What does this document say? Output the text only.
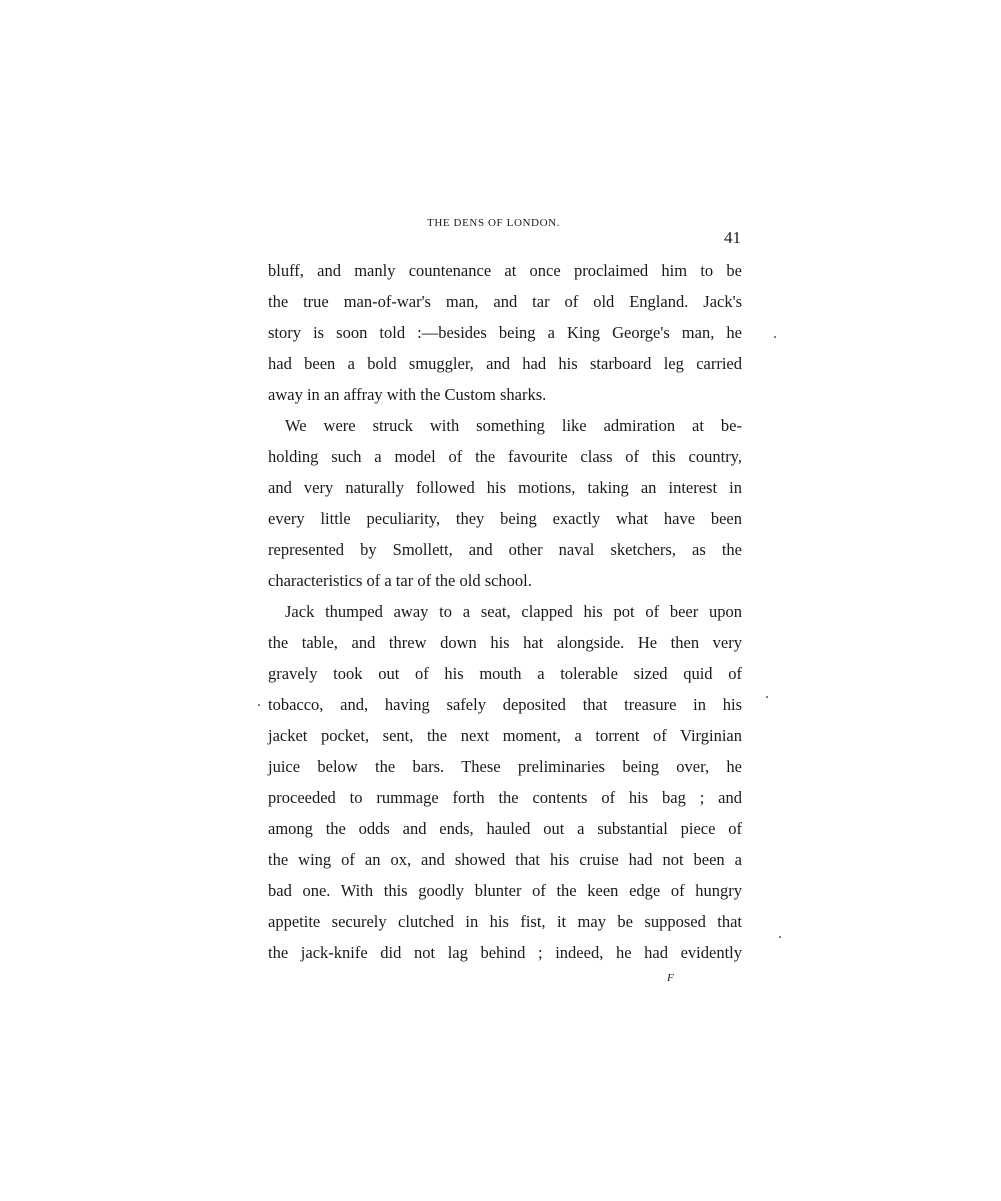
THE DENS OF LONDON.
41
bluff, and manly countenance at once proclaimed him to be
the true man-of-war's man, and tar of old England. Jack's
story is soon told :—besides being a King George's man, he
had been a bold smuggler, and had his starboard leg carried
away in an affray with the Custom sharks.
We were struck with something like admiration at be-
holding such a model of the favourite class of this country,
and very naturally followed his motions, taking an interest in
every little peculiarity, they being exactly what have been
represented by Smollett, and other naval sketchers, as the
characteristics of a tar of the old school.
Jack thumped away to a seat, clapped his pot of beer upon
the table, and threw down his hat alongside. He then very
gravely took out of his mouth a tolerable sized quid of
tobacco, and, having safely deposited that treasure in his
jacket pocket, sent, the next moment, a torrent of Virginian
juice below the bars. These preliminaries being over, he
proceeded to rummage forth the contents of his bag ; and
among the odds and ends, hauled out a substantial piece of
the wing of an ox, and showed that his cruise had not been a
bad one. With this goodly blunter of the keen edge of hungry
appetite securely clutched in his fist, it may be supposed that
the jack-knife did not lag behind ; indeed, he had evidently
F
